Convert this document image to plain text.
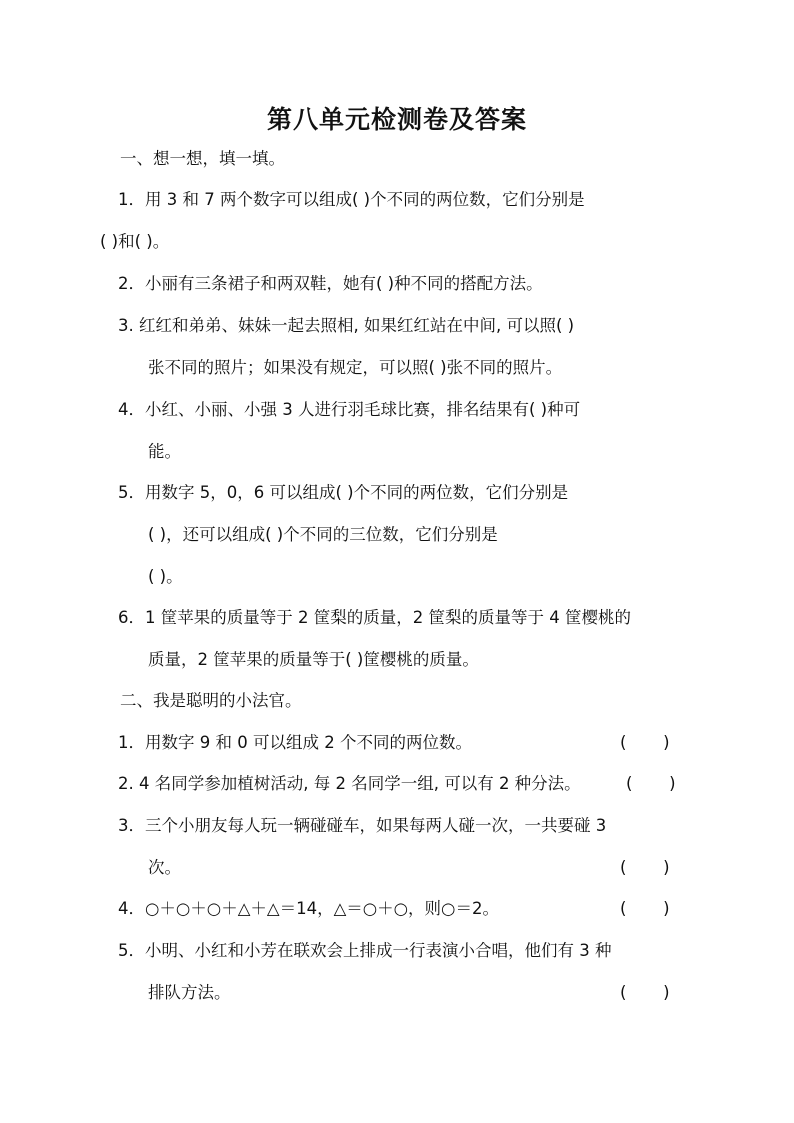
第八单元检测卷及答案
一、想一想，填一填。
1．用 3 和 7 两个数字可以组成( )个不同的两位数，它们分别是
( )和( )。
2．小丽有三条裙子和两双鞋，她有( )种不同的搭配方法。
3. 红红和弟弟、妹妹一起去照相, 如果红红站在中间, 可以照( )
张不同的照片；如果没有规定，可以照( )张不同的照片。
4．小红、小丽、小强 3 人进行羽毛球比赛，排名结果有( )种可
能。
5．用数字 5，0，6 可以组成( )个不同的两位数，它们分别是
( )，还可以组成( )个不同的三位数，它们分别是
( )。
6．1 筐苹果的质量等于 2 筐梨的质量，2 筐梨的质量等于 4 筐樱桃的
质量，2 筐苹果的质量等于( )筐樱桃的质量。
二、我是聪明的小法官。
1．用数字 9 和 0 可以组成 2 个不同的两位数。	(       )
2. 4 名同学参加植树活动, 每 2 名同学一组, 可以有 2 种分法。	(       )
3．三个小朋友每人玩一辆碰碰车，如果每两人碰一次，一共要碰 3
次。	(       )
4．○＋○＋○＋△＋△＝14，△＝○＋○，则○＝2。	(       )
5．小明、小红和小芳在联欢会上排成一行表演小合唱，他们有 3 种
排队方法。	(       )
